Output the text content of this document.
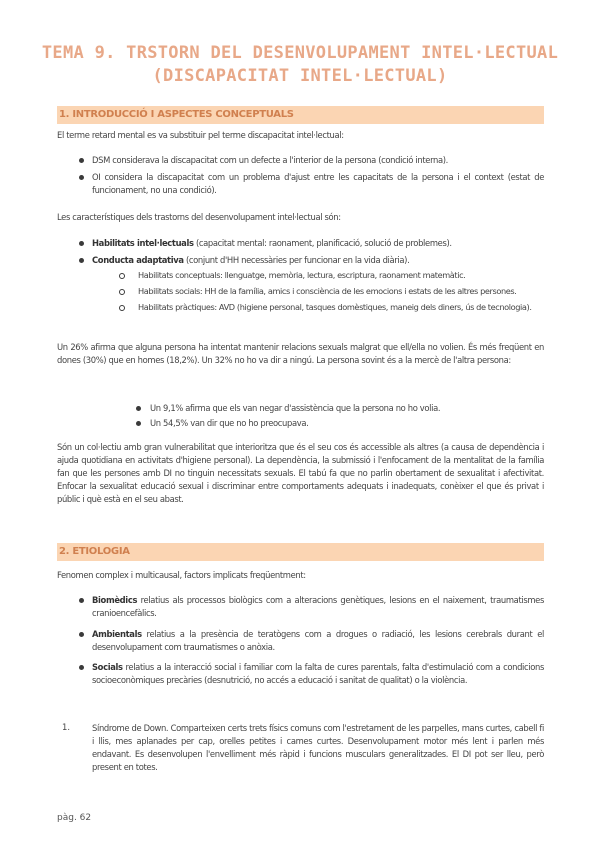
TEMA 9. TRSTORN DEL DESENVOLUPAMENT INTEL·LECTUAL
(DISCAPACITAT INTEL·LECTUAL)
1. INTRODUCCIÓ I ASPECTES CONCEPTUALS
El terme retard mental es va substituir pel terme discapacitat intel·lectual:
DSM considerava la discapacitat com un defecte a l'interior de la persona (condició interna).
OI considera la discapacitat com un problema d'ajust entre les capacitats de la persona i el context (estat de funcionament, no una condició).
Les característiques dels trastorns del desenvolupament intel·lectual són:
Habilitats intel·lectuals (capacitat mental: raonament, planificació, solució de problemes).
Conducta adaptativa (conjunt d'HH necessàries per funcionar en la vida diària).
Habilitats conceptuals: llenguatge, memòria, lectura, escriptura, raonament matemàtic.
Habilitats socials: HH de la família, amics i consciència de les emocions i estats de les altres persones.
Habilitats pràctiques: AVD (higiene personal, tasques domèstiques, maneig dels diners, ús de tecnologia).
Un 26% afirma que alguna persona ha intentat mantenir relacions sexuals malgrat que ell/ella no volien. És més freqüent en dones (30%) que en homes (18,2%). Un 32% no ho va dir a ningú. La persona sovint és a la mercè de l'altra persona:
Un 9,1% afirma que els van negar d'assistència que la persona no ho volia.
Un 54,5% van dir que no ho preocupava.
Són un col·lectiu amb gran vulnerabilitat que interioritza que és el seu cos és accessible als altres (a causa de dependència i ajuda quotidiana en activitats d'higiene personal). La dependència, la submissió i l'enfocament de la mentalitat de la família fan que les persones amb DI no tinguin necessitats sexuals. El tabú fa que no parlin obertament de sexualitat i afectivitat. Enfocar la sexualitat educació sexual i discriminar entre comportaments adequats i inadequats, conèixer el que és privat i públic i què està en el seu abast.
2. ETIOLOGIA
Fenomen complex i multicausal, factors implicats freqüentment:
Biomèdics relatius als processos biològics com a alteracions genètiques, lesions en el naixement, traumatismes cranioencefàlics.
Ambientals relatius a la presència de teratògens com a drogues o radiació, les lesions cerebrals durant el desenvolupament com traumatismes o anòxia.
Socials relatius a la interacció social i familiar com la falta de cures parentals, falta d'estimulació com a condicions socioeconòmiques precàries (desnutrició, no accés a educació i sanitat de qualitat) o la violència.
1.	Síndrome de Down. Comparteixen certs trets físics comuns com l'estretament de les parpelles, mans curtes, cabell fi i llis, mes aplanades per cap, orelles petites i cames curtes. Desenvolupament motor més lent i parlen més endavant. Es desenvolupen l'envelliment més ràpid i funcions musculars generalitzades. El DI pot ser lleu, però present en totes.
pàg. 62
